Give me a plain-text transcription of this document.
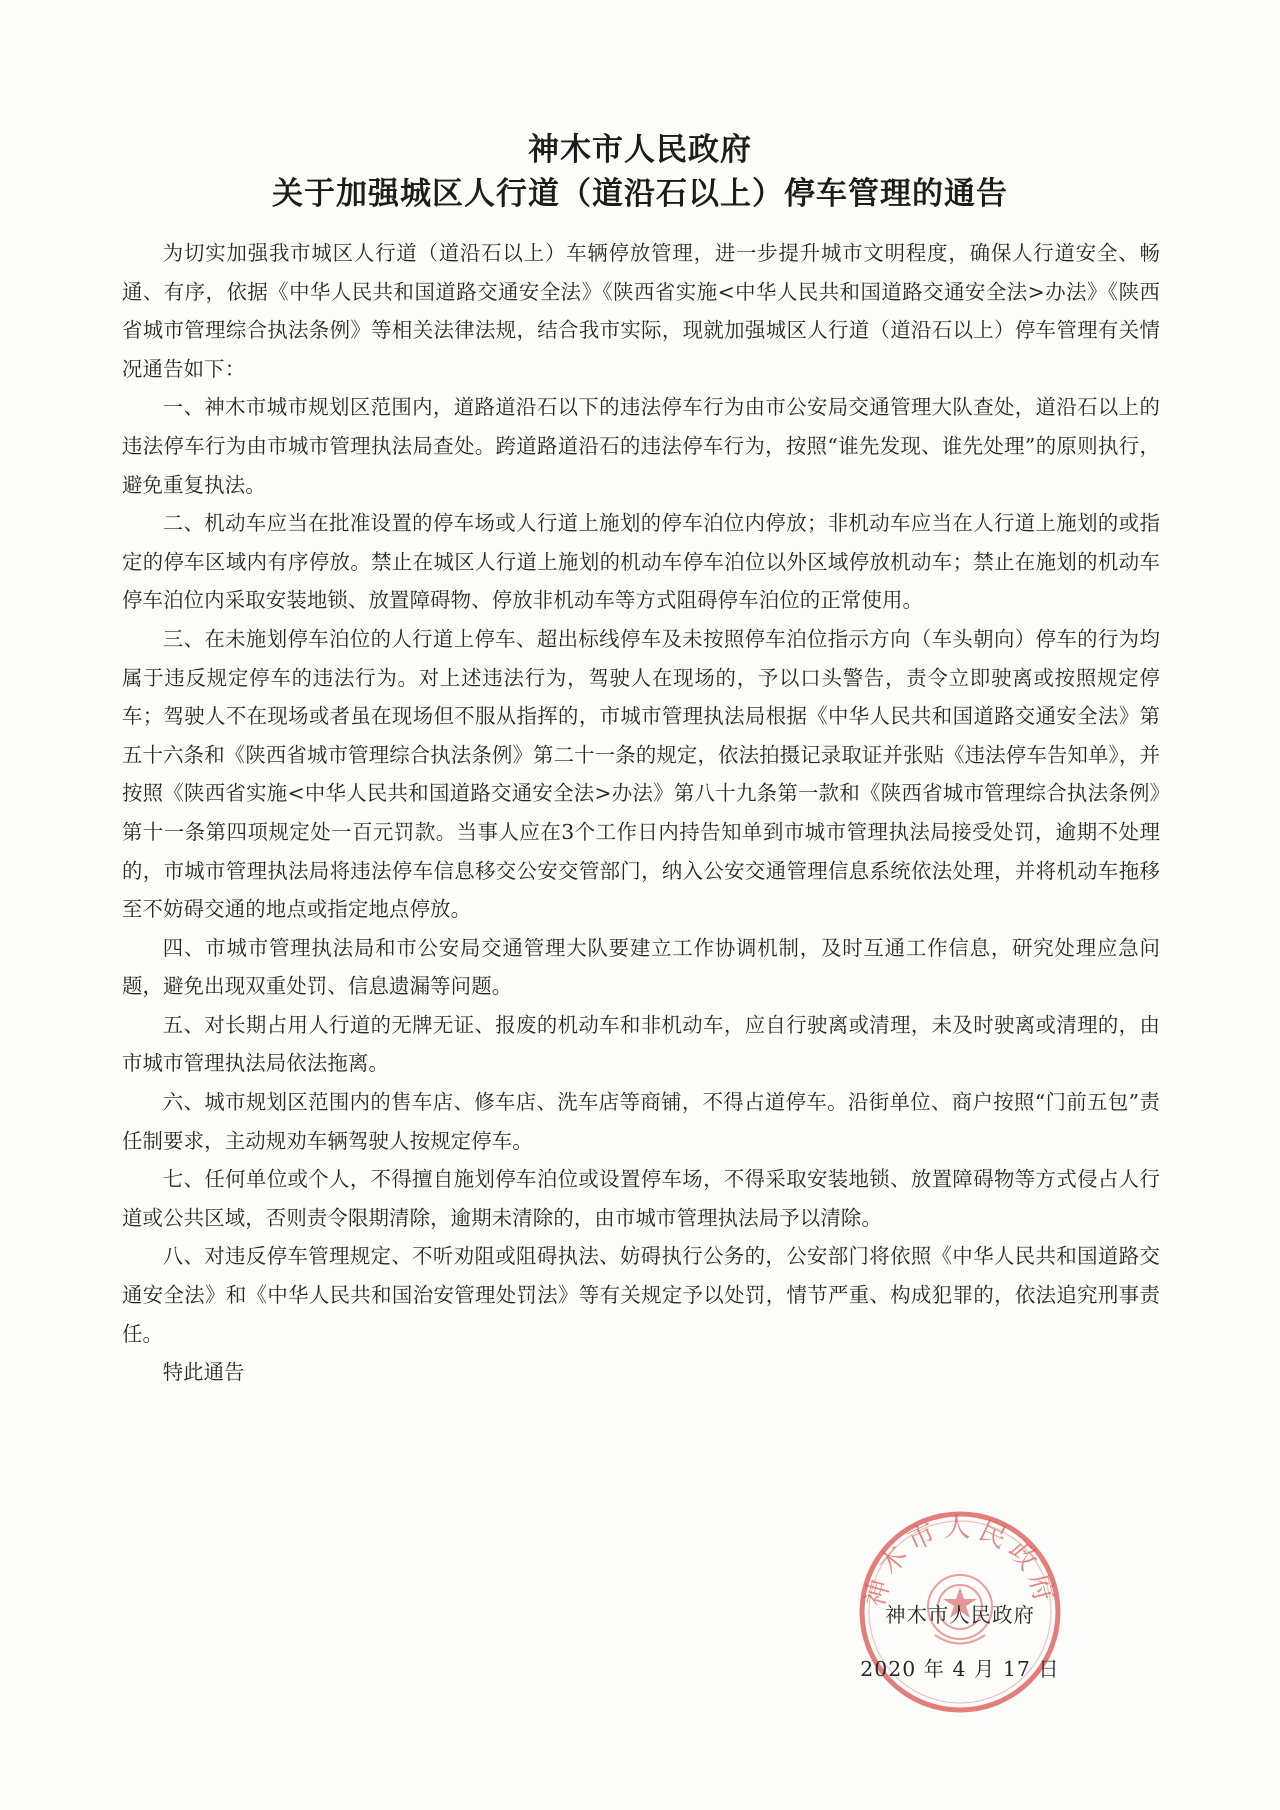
神木市人民政府
关于加强城区人行道（道沿石以上）停车管理的通告

为切实加强我市城区人行道（道沿石以上）车辆停放管理，进一步提升城市文明程度，确保人行道安全、畅通、有序，依据《中华人民共和国道路交通安全法》《陕西省实施<中华人民共和国道路交通安全法>办法》《陕西省城市管理综合执法条例》等相关法律法规，结合我市实际，现就加强城区人行道（道沿石以上）停车管理有关情况通告如下：

一、神木市城市规划区范围内，道路道沿石以下的违法停车行为由市公安局交通管理大队查处，道沿石以上的违法停车行为由市城市管理执法局查处。跨道路道沿石的违法停车行为，按照“谁先发现、谁先处理”的原则执行，避免重复执法。

二、机动车应当在批准设置的停车场或人行道上施划的停车泊位内停放；非机动车应当在人行道上施划的或指定的停车区域内有序停放。禁止在城区人行道上施划的机动车停车泊位以外区域停放机动车；禁止在施划的机动车停车泊位内采取安装地锁、放置障碍物、停放非机动车等方式阻碍停车泊位的正常使用。

三、在未施划停车泊位的人行道上停车、超出标线停车及未按照停车泊位指示方向（车头朝向）停车的行为均属于违反规定停车的违法行为。对上述违法行为，驾驶人在现场的，予以口头警告，责令立即驶离或按照规定停车；驾驶人不在现场或者虽在现场但不服从指挥的，市城市管理执法局根据《中华人民共和国道路交通安全法》第五十六条和《陕西省城市管理综合执法条例》第二十一条的规定，依法拍摄记录取证并张贴《违法停车告知单》，并按照《陕西省实施<中华人民共和国道路交通安全法>办法》第八十九条第一款和《陕西省城市管理综合执法条例》第十一条第四项规定处一百元罚款。当事人应在3个工作日内持告知单到市城市管理执法局接受处罚，逾期不处理的，市城市管理执法局将违法停车信息移交公安交管部门，纳入公安交通管理信息系统依法处理，并将机动车拖移至不妨碍交通的地点或指定地点停放。

四、市城市管理执法局和市公安局交通管理大队要建立工作协调机制，及时互通工作信息，研究处理应急问题，避免出现双重处罚、信息遗漏等问题。

五、对长期占用人行道的无牌无证、报废的机动车和非机动车，应自行驶离或清理，未及时驶离或清理的，由市城市管理执法局依法拖离。

六、城市规划区范围内的售车店、修车店、洗车店等商铺，不得占道停车。沿街单位、商户按照“门前五包”责任制要求，主动规劝车辆驾驶人按规定停车。

七、任何单位或个人，不得擅自施划停车泊位或设置停车场，不得采取安装地锁、放置障碍物等方式侵占人行道或公共区域，否则责令限期清除，逾期未清除的，由市城市管理执法局予以清除。

八、对违反停车管理规定、不听劝阻或阻碍执法、妨碍执行公务的，公安部门将依照《中华人民共和国道路交通安全法》和《中华人民共和国治安管理处罚法》等有关规定予以处罚，情节严重、构成犯罪的，依法追究刑事责任。

特此通告

神木市人民政府
神木市人民政府
2020 年 4 月 17 日
